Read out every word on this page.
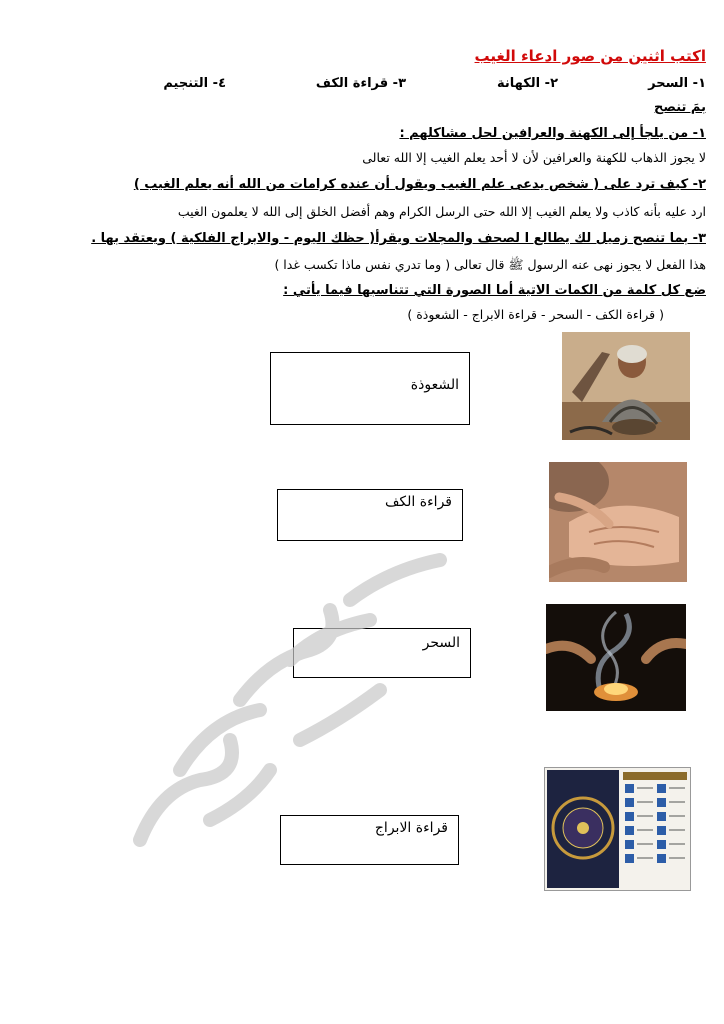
اكتب اثنين من صور ادعاء الغيب
١- السحر
٢- الكهانة
٣- قراءة الكف
٤- التنجيم
بمَ تنصح
١- من يلجأ إلى الكهنة والعرافين لحل مشاكلهم :
لا يجوز الذهاب للكهنة والعرافين لأن لا أحد يعلم الغيب إلا الله تعالى
٢- كيف ترد على ( شخص يدعى علم الغيب ويقول أن عنده كرامات من الله أنه يعلم الغيب )
ارد عليه بأنه كاذب ولا يعلم الغيب إلا الله حتى الرسل الكرام وهم أفضل الخلق إلى الله لا يعلمون الغيب
٣- بما تنصح زميل لك يطالع ا لصحف والمجلات ويقرأ( حظك اليوم - والابراج الفلكية ) ويعتقد بها .
هذا الفعل لا يجوز نهى عنه الرسول ﷺ قال تعالى ( وما تدري نفس ماذا تكسب غدا )
ضع كل كلمة من الكمات الاتية أما الصورة التي تتناسبها فيما يأتي :
( قراءة الكف - السحر - قراءة الابراج - الشعوذة )
الشعوذة
قراءة الكف
السحر
قراءة الابراج
